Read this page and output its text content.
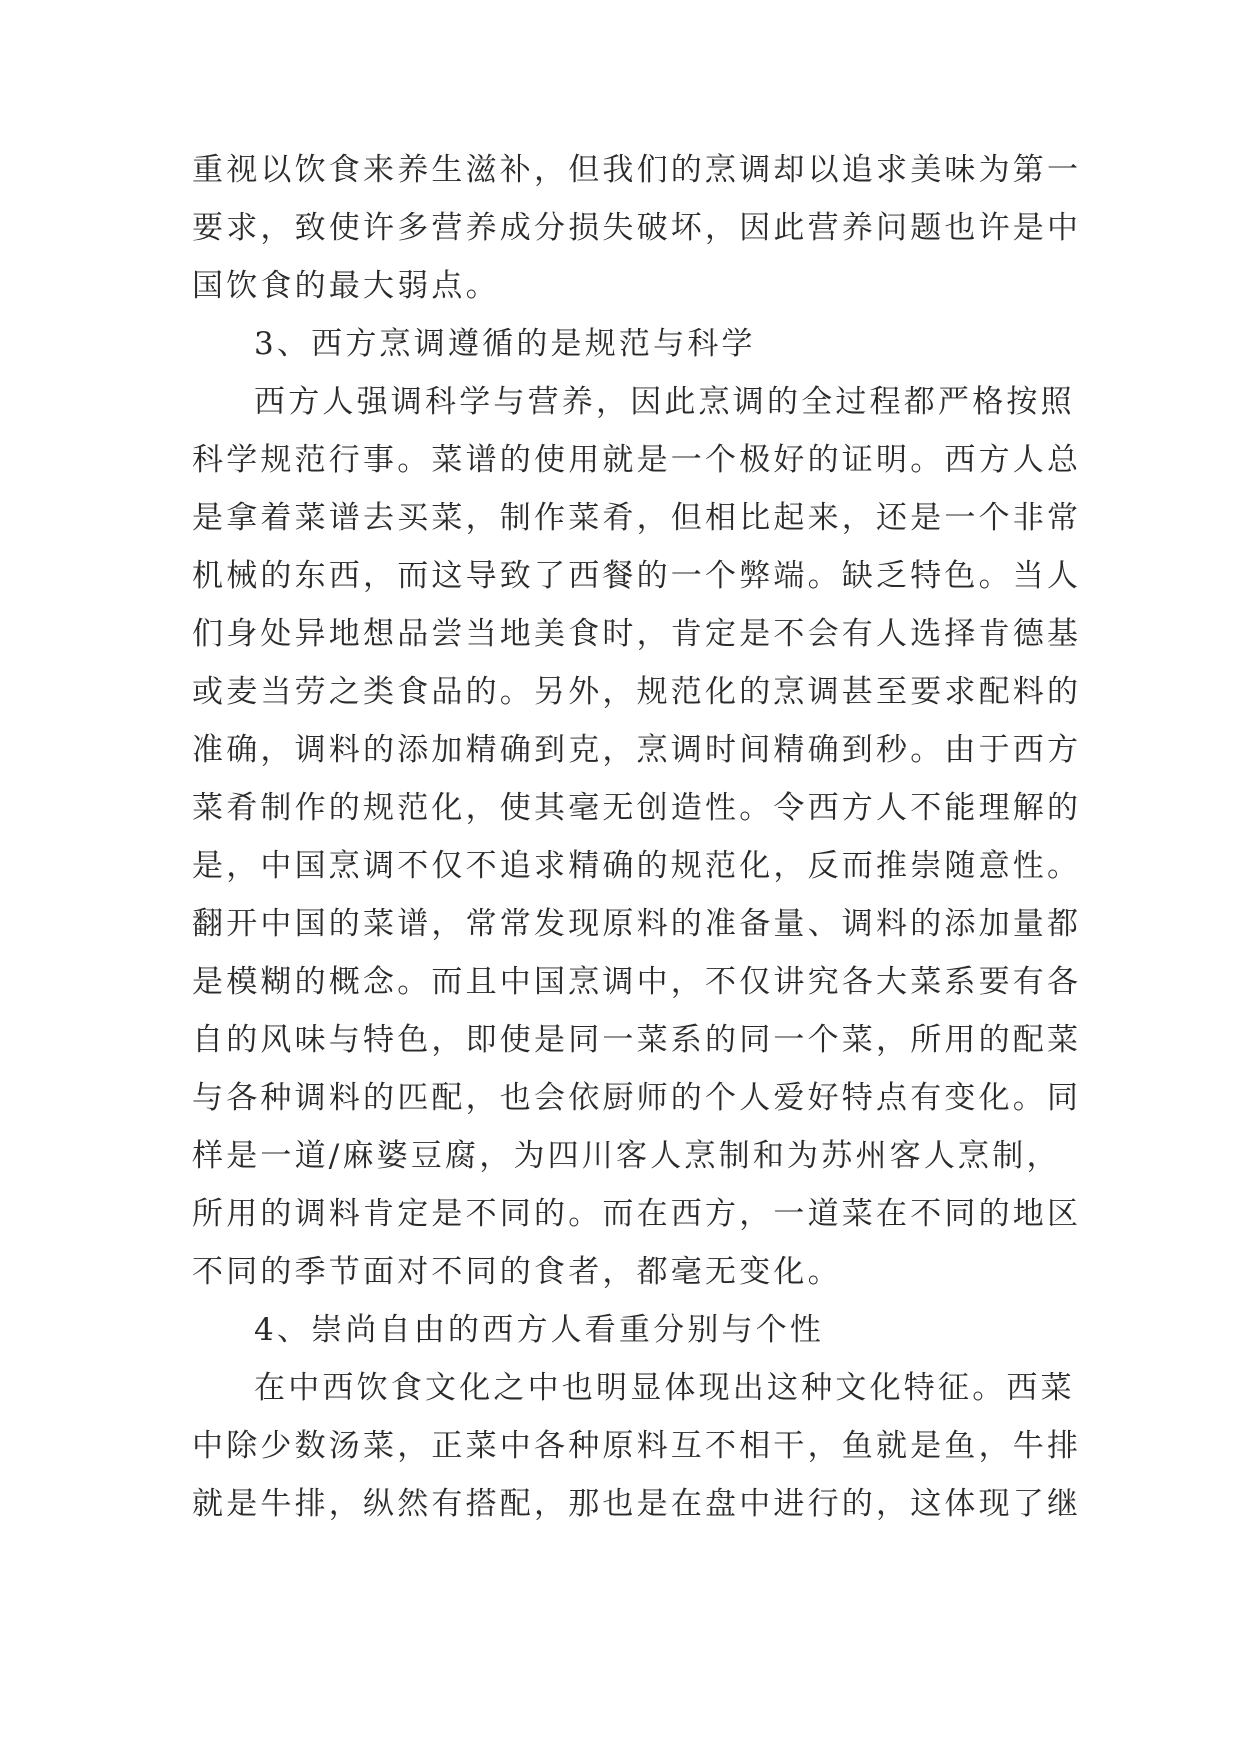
重视以饮食来养生滋补，但我们的烹调却以追求美味为第一
要求，致使许多营养成分损失破坏，因此营养问题也许是中
国饮食的最大弱点。
3、西方烹调遵循的是规范与科学
西方人强调科学与营养，因此烹调的全过程都严格按照
科学规范行事。菜谱的使用就是一个极好的证明。西方人总
是拿着菜谱去买菜，制作菜肴，但相比起来，还是一个非常
机械的东西，而这导致了西餐的一个弊端。缺乏特色。当人
们身处异地想品尝当地美食时，肯定是不会有人选择肯德基
或麦当劳之类食品的。另外，规范化的烹调甚至要求配料的
准确，调料的添加精确到克，烹调时间精确到秒。由于西方
菜肴制作的规范化，使其毫无创造性。令西方人不能理解的
是，中国烹调不仅不追求精确的规范化，反而推崇随意性。
翻开中国的菜谱，常常发现原料的准备量、调料的添加量都
是模糊的概念。而且中国烹调中，不仅讲究各大菜系要有各
自的风味与特色，即使是同一菜系的同一个菜，所用的配菜
与各种调料的匹配，也会依厨师的个人爱好特点有变化。同
样是一道/麻婆豆腐，为四川客人烹制和为苏州客人烹制，
所用的调料肯定是不同的。而在西方，一道菜在不同的地区
不同的季节面对不同的食者，都毫无变化。
4、崇尚自由的西方人看重分别与个性
在中西饮食文化之中也明显体现出这种文化特征。西菜
中除少数汤菜，正菜中各种原料互不相干，鱼就是鱼，牛排
就是牛排，纵然有搭配，那也是在盘中进行的，这体现了继
